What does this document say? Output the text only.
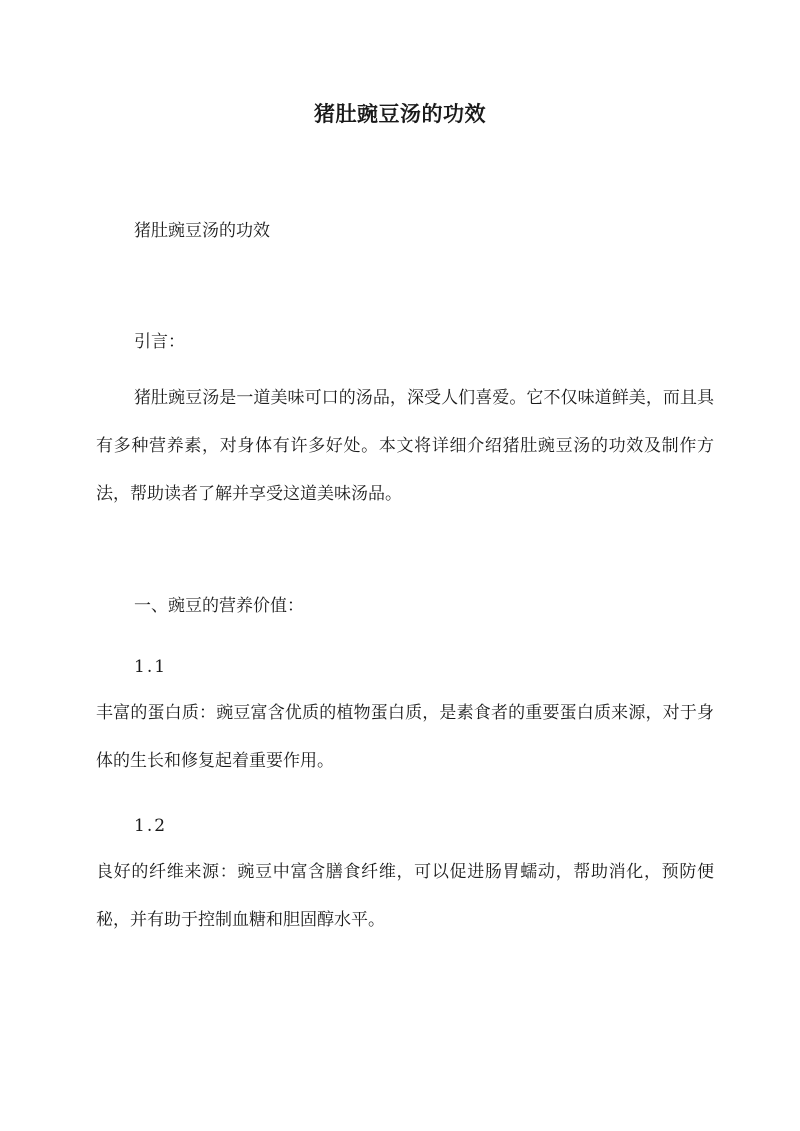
猪肚豌豆汤的功效
猪肚豌豆汤的功效
引言：
猪肚豌豆汤是一道美味可口的汤品，深受人们喜爱。它不仅味道鲜美，而且具有多种营养素，对身体有许多好处。本文将详细介绍猪肚豌豆汤的功效及制作方法，帮助读者了解并享受这道美味汤品。
一、豌豆的营养价值：
1.1
丰富的蛋白质：豌豆富含优质的植物蛋白质，是素食者的重要蛋白质来源，对于身体的生长和修复起着重要作用。
1.2
良好的纤维来源：豌豆中富含膳食纤维，可以促进肠胃蠕动，帮助消化，预防便秘，并有助于控制血糖和胆固醇水平。
